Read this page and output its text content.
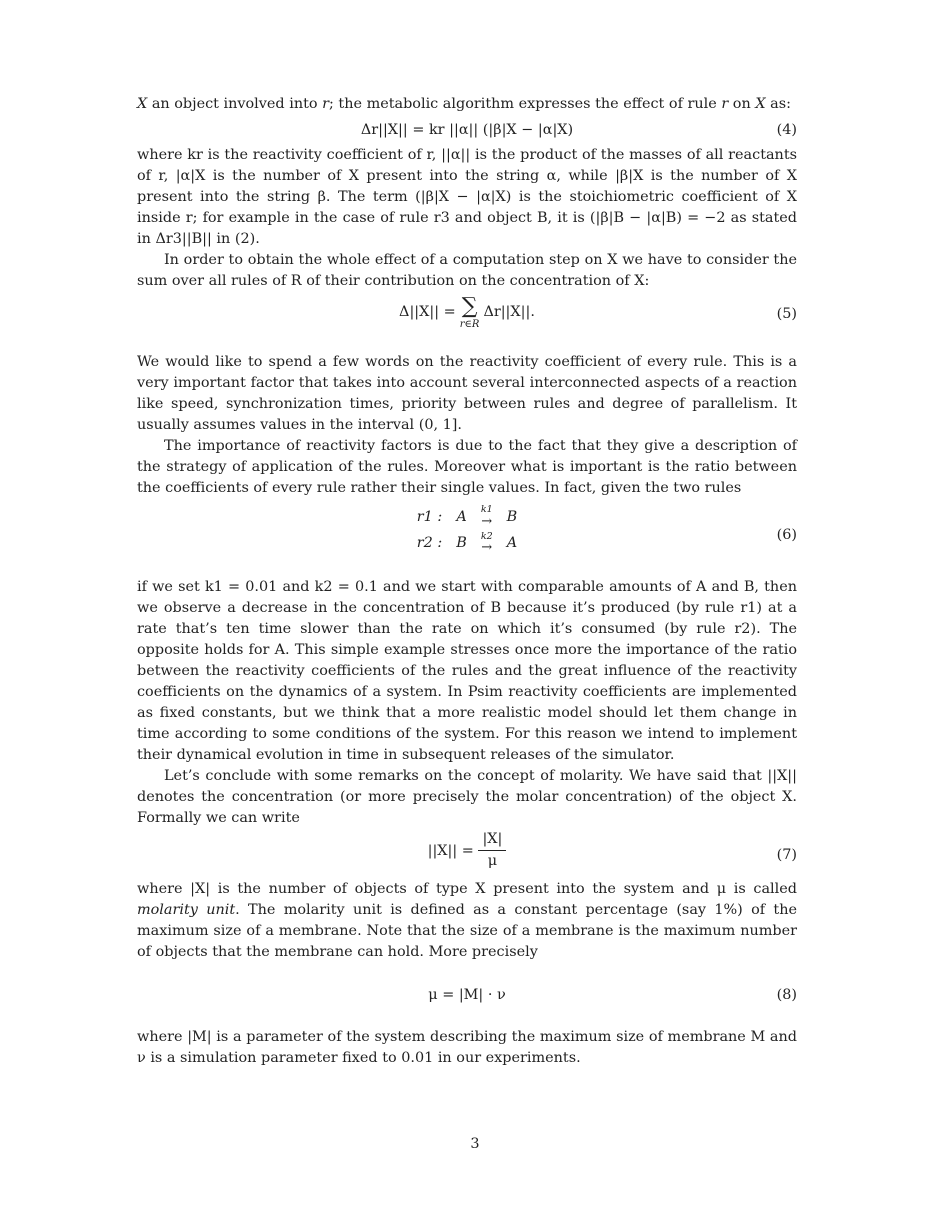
X an object involved into r; the metabolic algorithm expresses the effect of rule r on X as:

Δr||X|| = kr ||α|| (|β|X − |α|X)	(4)

where kr is the reactivity coefficient of r, ||α|| is the product of the masses of all reactants of r, |α|X is the number of X present into the string α, while |β|X is the number of X present into the string β. The term (|β|X − |α|X) is the stoichiometric coefficient of X inside r; for example in the case of rule r3 and object B, it is (|β|B − |α|B) = −2 as stated in Δr3||B|| in (2).

In order to obtain the whole effect of a computation step on X we have to consider the sum over all rules of R of their contribution on the concentration of X:

Δ||X|| = ∑
r∈R
Δr||X||.	(5)

We would like to spend a few words on the reactivity coefficient of every rule. This is a very important factor that takes into account several interconnected aspects of a reaction like speed, synchronization times, priority between rules and degree of parallelism. It usually assumes values in the interval (0, 1].

The importance of reactivity factors is due to the fact that they give a description of the strategy of application of the rules. Moreover what is important is the ratio between the coefficients of every rule rather their single values. In fact, given the two rules

r1 : A k1
→ B
r2 : B k2
→ A	(6)

if we set k1 = 0.01 and k2 = 0.1 and we start with comparable amounts of A and B, then we observe a decrease in the concentration of B because it’s produced (by rule r1) at a rate that’s ten time slower than the rate on which it’s consumed (by rule r2). The opposite holds for A. This simple example stresses once more the importance of the ratio between the reactivity coefficients of the rules and the great influence of the reactivity coefficients on the dynamics of a system. In Psim reactivity coefficients are implemented as fixed constants, but we think that a more realistic model should let them change in time according to some conditions of the system. For this reason we intend to implement their dynamical evolution in time in subsequent releases of the simulator.

Let’s conclude with some remarks on the concept of molarity. We have said that ||X|| denotes the concentration (or more precisely the molar concentration) of the object X. Formally we can write

$||X|| = \frac{|X|}{\mu}$	(7)

where |X| is the number of objects of type X present into the system and μ is called molarity unit. The molarity unit is defined as a constant percentage (say 1%) of the maximum size of a membrane. Note that the size of a membrane is the maximum number of objects that the membrane can hold. More precisely

μ = |M| · ν	(8)

where |M| is a parameter of the system describing the maximum size of membrane M and ν is a simulation parameter fixed to 0.01 in our experiments.

3
